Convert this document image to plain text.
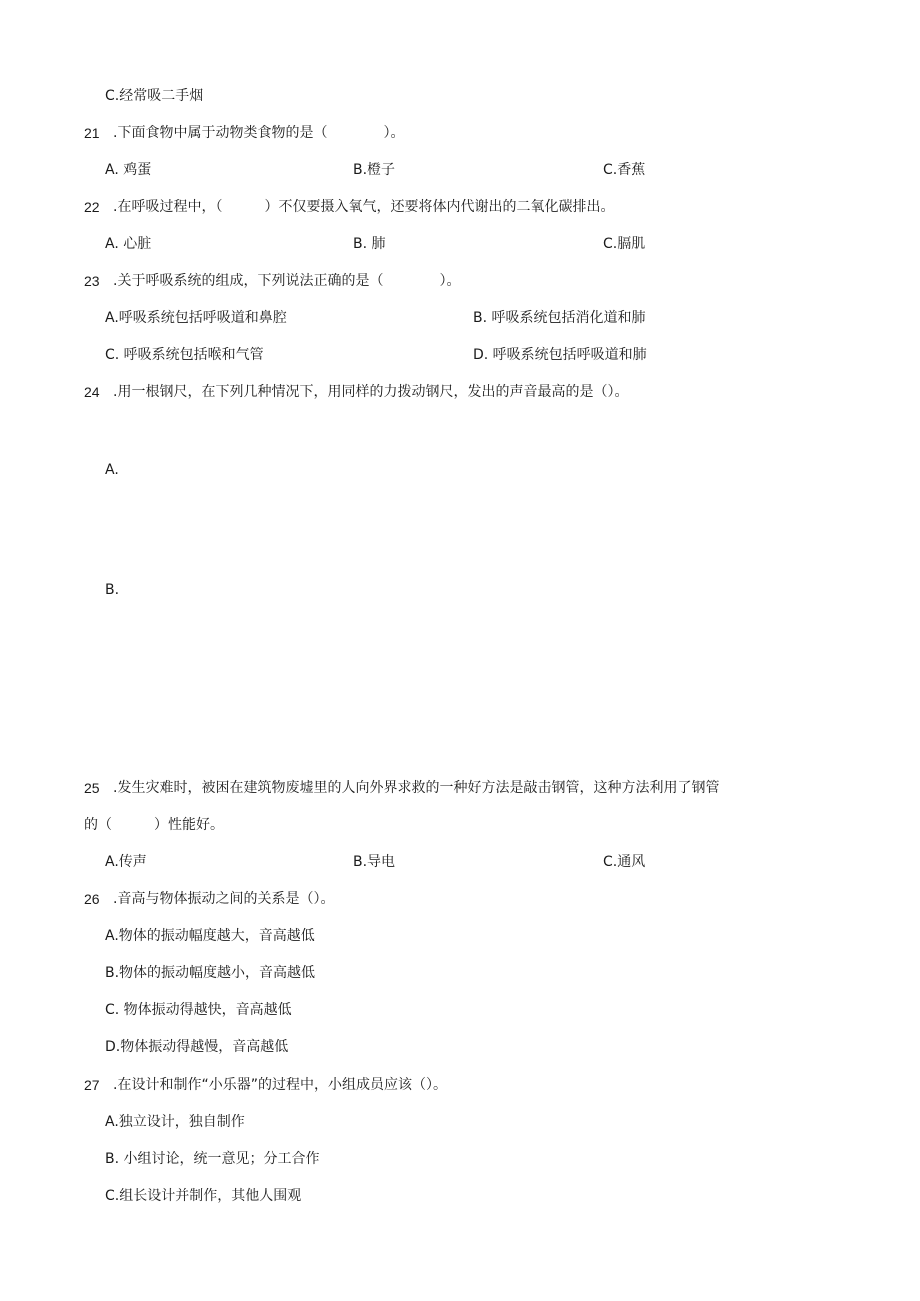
C.经常吸二手烟
21 .下面食物中属于动物类食物的是（　　　　）。
A. 鸡蛋	B.橙子	C.香蕉
22 .在呼吸过程中，（　　　）不仅要摄入氧气，还要将体内代谢出的二氧化碳排出。
A. 心脏	B. 肺	C.膈肌
23 .关于呼吸系统的组成，下列说法正确的是（　　　　）。
A.呼吸系统包括呼吸道和鼻腔	B. 呼吸系统包括消化道和肺
C. 呼吸系统包括喉和气管	D. 呼吸系统包括呼吸道和肺
24 .用一根钢尺，在下列几种情况下，用同样的力拨动钢尺，发出的声音最高的是（）。
A.
B.
25 .发生灾难时，被困在建筑物废墟里的人向外界求救的一种好方法是敲击钢管，这种方法利用了钢管
的（　　　）性能好。
A.传声	B.导电	C.通风
26 .音高与物体振动之间的关系是（）。
A.物体的振动幅度越大，音高越低
B.物体的振动幅度越小，音高越低
C. 物体振动得越快，音高越低
D.物体振动得越慢，音高越低
27 .在设计和制作“小乐器”的过程中，小组成员应该（）。
A.独立设计，独自制作
B. 小组讨论，统一意见；分工合作
C.组长设计并制作，其他人围观
